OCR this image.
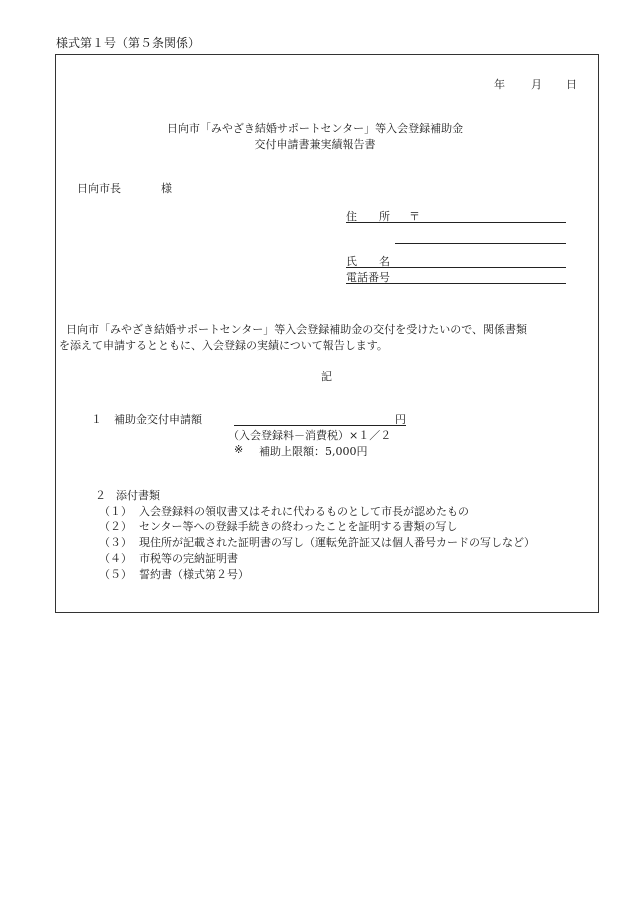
様式第１号（第５条関係）
年 月 日
日向市「みやざき結婚サポートセンター」等入会登録補助金
交付申請書兼実績報告書
日向市長	様
住　　所 〒
氏　　名
電話番号
日向市「みやざき結婚サポートセンター」等入会登録補助金の交付を受けたいので、関係書類
を添えて申請するとともに、入会登録の実績について報告します。
記
１ 補助金交付申請額	円
（入会登録料－消費税）×１／２
※ 補助上限額：5,000円
２ 添付書類
（１） 入会登録料の領収書又はそれに代わるものとして市長が認めたもの
（２） センター等への登録手続きの終わったことを証明する書類の写し
（３） 現住所が記載された証明書の写し（運転免許証又は個人番号カードの写しなど）
（４） 市税等の完納証明書
（５） 誓約書（様式第２号）
